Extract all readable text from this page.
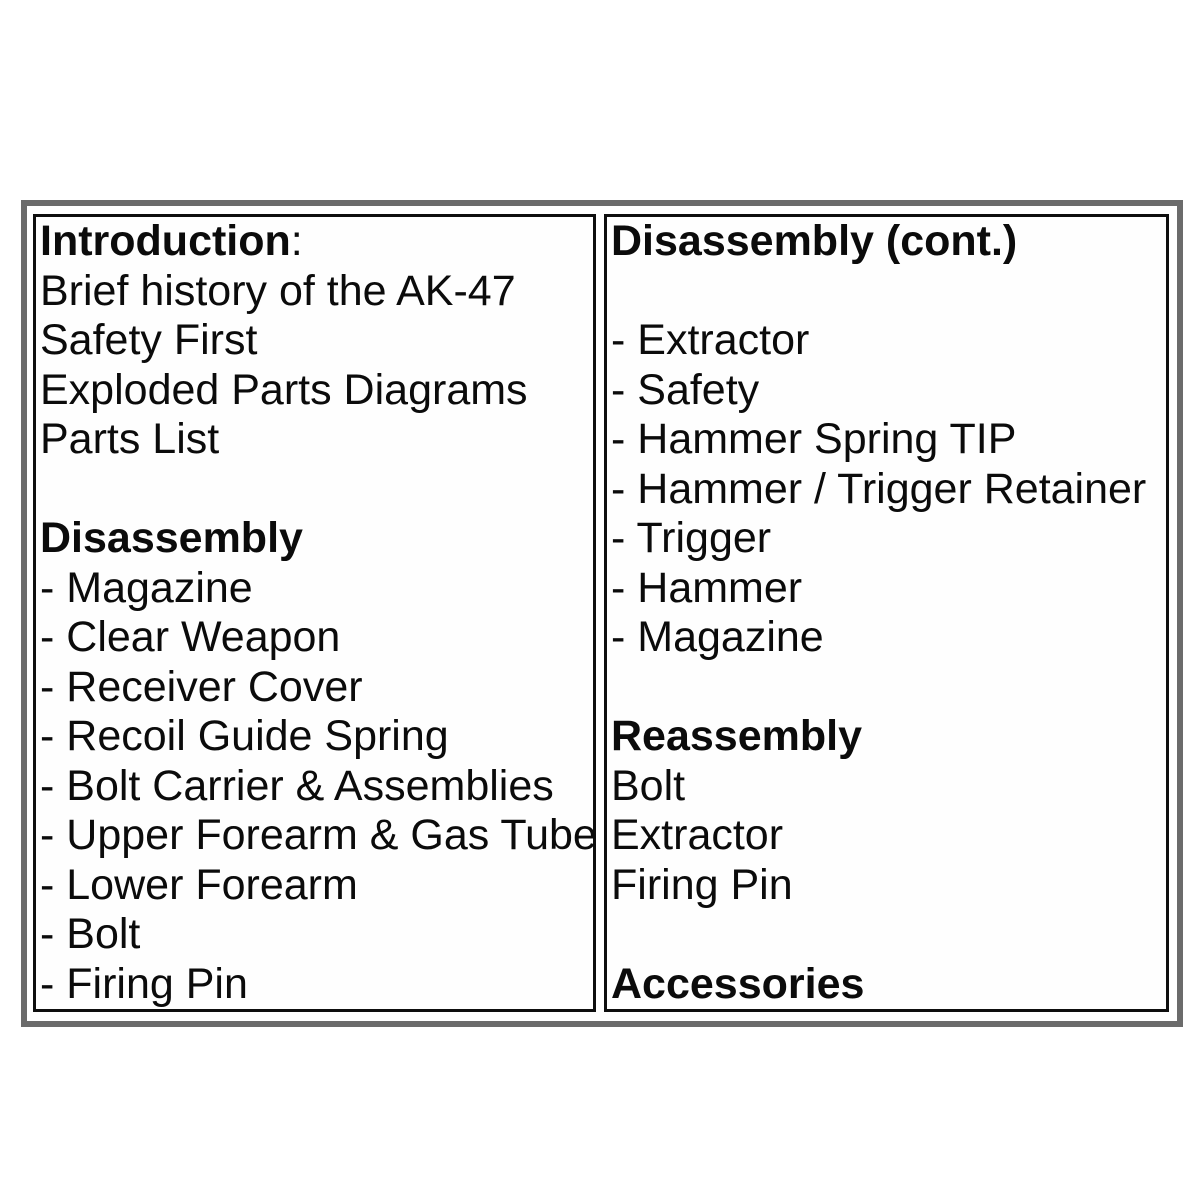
Introduction:
Brief history of the AK-47
Safety First
Exploded Parts Diagrams
Parts List
Disassembly
- Magazine
- Clear Weapon
- Receiver Cover
- Recoil Guide Spring
- Bolt Carrier & Assemblies
- Upper Forearm & Gas Tube
- Lower Forearm
- Bolt
- Firing Pin
Disassembly (cont.)
- Extractor
- Safety
- Hammer Spring TIP
- Hammer / Trigger Retainer
- Trigger
- Hammer
- Magazine
Reassembly
Bolt
Extractor
Firing Pin
Accessories
